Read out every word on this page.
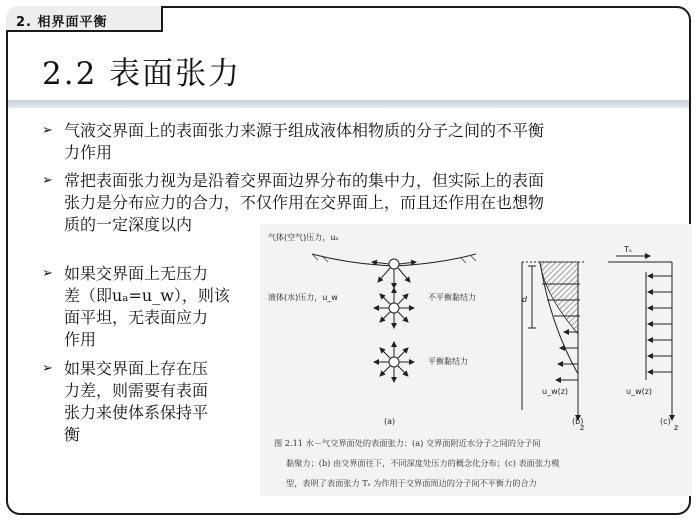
2. 相界面平衡
2.2 表面张力
➢ 气液交界面上的表面张力来源于组成液体相物质的分子之间的不平衡
力作用
➢ 常把表面张力视为是沿着交界面边界分布的集中力，但实际上的表面
张力是分布应力的合力，不仅作用在交界面上，而且还作用在也想物
质的一定深度以内
➢ 如果交界面上无压力
差（即uₐ=u_w），则该
面平坦，无表面应力
作用
➢ 如果交界面上存在压
力差，则需要有表面
张力来使体系保持平
衡
气体(空气)压力，uₐ
液体(水)压力，u_w	不平衡黏结力
平衡黏结力
(a)
d
u_w(z)
z
(b)
Tₛ
u_w(z)
z
(c)
图 2.11 水－气交界面处的表面张力：(a) 交界面附近水分子之间的分子间
黏聚力；(b) 由交界面往下，不同深度处压力的概念化分布；(c) 表面张力模
型，表明了表面张力 Tₛ 为作用于交界面周边的分子间不平衡力的合力
